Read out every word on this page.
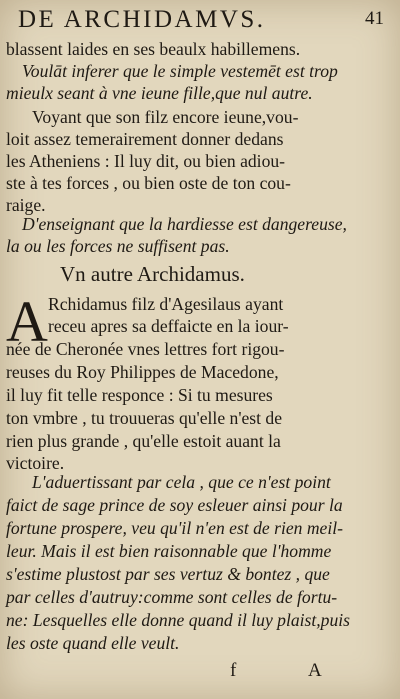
DE ARCHIDAMVS.	41
blassent laides en ses beaulx habillemens.
Voulāt inferer que le simple vestemēt est trop
mieulx seant à vne ieune fille,que nul autre.
Voyant que son filz encore ieune,vou-
loit assez temerairement donner dedans
les Atheniens : Il luy dit, ou bien adiou-
ste à tes forces , ou bien oste de ton cou-
raige.
D'enseignant que la hardiesse est dangereuse,
la ou les forces ne suffisent pas.
Vn autre Archidamus.
A Rchidamus filz d'Agesilaus ayant
receu apres sa deffaicte en la iour-
née de Cheronée vnes lettres fort rigou-
reuses du Roy Philippes de Macedone,
il luy fit telle responce : Si tu mesures
ton vmbre , tu trouueras qu'elle n'est de
rien plus grande , qu'elle estoit auant la
victoire.
L'aduertissant par cela , que ce n'est point
faict de sage prince de soy esleuer ainsi pour la
fortune prospere, veu qu'il n'en est de rien meil-
leur. Mais il est bien raisonnable que l'homme
s'estime plustost par ses vertuz & bontez , que
par celles d'autruy:comme sont celles de fortu-
ne: Lesquelles elle donne quand il luy plaist,puis
les oste quand elle veult.
f	A
